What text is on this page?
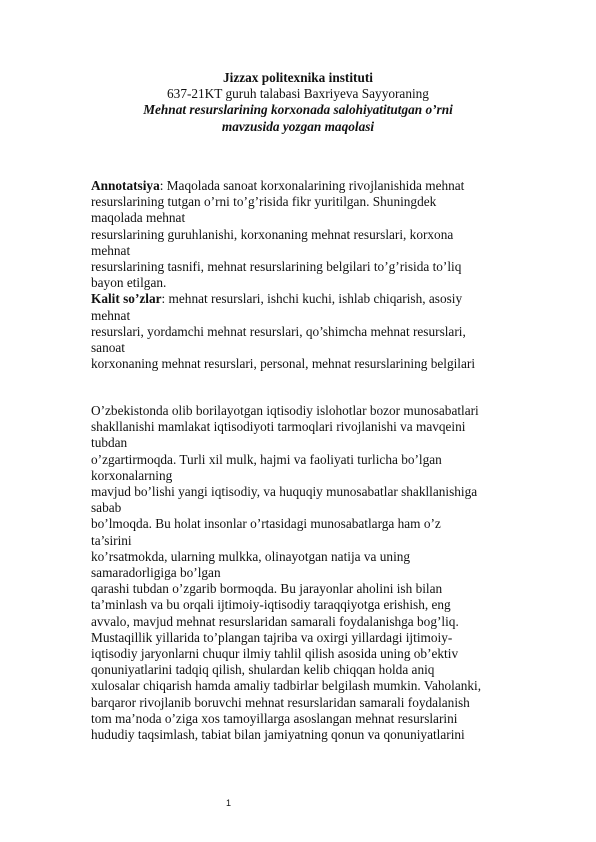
Jizzax politexnika instituti
637-21KT guruh talabasi Baxriyeva Sayyoraning
Mehnat resurslarining korxonada salohiyatitutgan o’rni
mavzusida yozgan maqolasi
Annotatsiya: Maqolada sanoat korxonalarining rivojlanishida mehnat
resurslarining tutgan o’rni to’g’risida fikr yuritilgan. Shuningdek
maqolada mehnat
resurslarining guruhlanishi, korxonaning mehnat resurslari, korxona
mehnat
resurslarining tasnifi, mehnat resurslarining belgilari to’g’risida to’liq
bayon etilgan.
Kalit so’zlar: mehnat resurslari, ishchi kuchi, ishlab chiqarish, asosiy
mehnat
resurslari, yordamchi mehnat resurslari, qo’shimcha mehnat resurslari,
sanoat
korxonaning mehnat resurslari, personal, mehnat resurslarining belgilari
O’zbekistonda olib borilayotgan iqtisodiy islohotlar bozor munosabatlari
shakllanishi mamlakat iqtisodiyoti tarmoqlari rivojlanishi va mavqeini
tubdan
o’zgartirmoqda. Turli xil mulk, hajmi va faoliyati turlicha bo’lgan
korxonalarning
mavjud bo’lishi yangi iqtisodiy, va huquqiy munosabatlar shakllanishiga
sabab
bo’lmoqda. Bu holat insonlar o’rtasidagi munosabatlarga ham o’z
ta’sirini
ko’rsatmokda, ularning mulkka, olinayotgan natija va uning
samaradorligiga bo’lgan
qarashi tubdan o’zgarib bormoqda. Bu jarayonlar aholini ish bilan
ta’minlash va bu orqali ijtimoiy-iqtisodiy taraqqiyotga erishish, eng
avvalo, mavjud mehnat resurslaridan samarali foydalanishga bog’liq.
Mustaqillik yillarida to’plangan tajriba va oxirgi yillardagi ijtimoiy-
iqtisodiy jaryonlarni chuqur ilmiy tahlil qilish asosida uning ob’ektiv
qonuniyatlarini tadqiq qilish, shulardan kelib chiqqan holda aniq
xulosalar chiqarish hamda amaliy tadbirlar belgilash mumkin. Vaholanki,
barqaror rivojlanib boruvchi mehnat resurslaridan samarali foydalanish
tom ma’noda o’ziga xos tamoyillarga asoslangan mehnat resurslarini
hududiy taqsimlash, tabiat bilan jamiyatning qonun va qonuniyatlarini
1
